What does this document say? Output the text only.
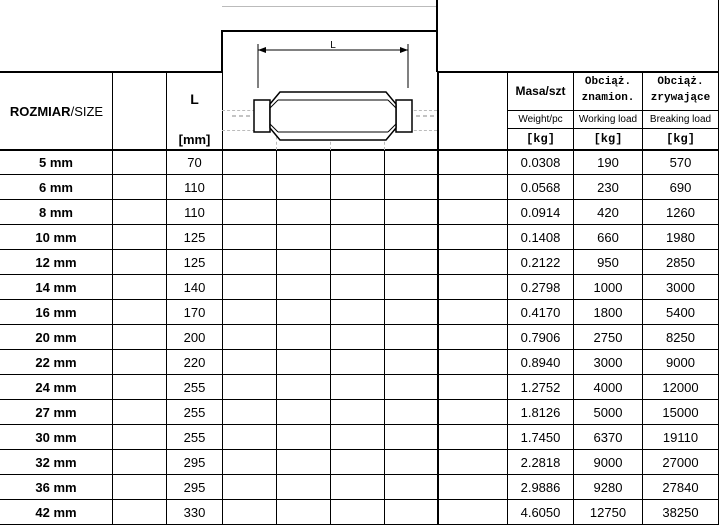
L
ROZMIAR /SIZE
L
[mm]
Masa/szt
Weight/pc
[kg]
Obciąż.
znamion.
Working load
[kg]
Obciąż.
zrywające
Breaking load
[kg]
5 mm	70	0.0308	190	570
6 mm	110	0.0568	230	690
8 mm	110	0.0914	420	1260
10 mm	125	0.1408	660	1980
12 mm	125	0.2122	950	2850
14 mm	140	0.2798	1000	3000
16 mm	170	0.4170	1800	5400
20 mm	200	0.7906	2750	8250
22 mm	220	0.8940	3000	9000
24 mm	255	1.2752	4000	12000
27 mm	255	1.8126	5000	15000
30 mm	255	1.7450	6370	19110
32 mm	295	2.2818	9000	27000
36 mm	295	2.9886	9280	27840
42 mm	330	4.6050	12750	38250
